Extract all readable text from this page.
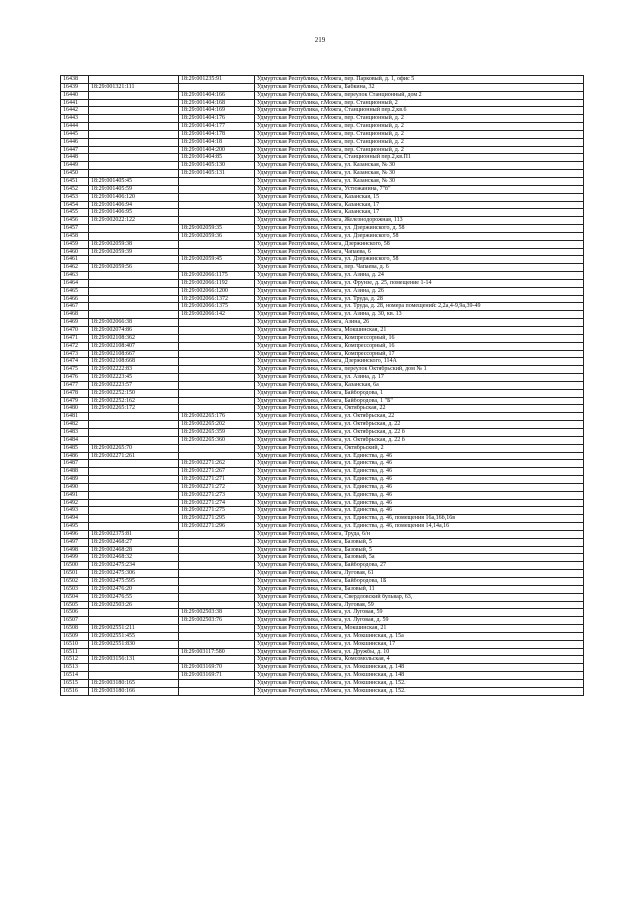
219
16438		18:29:001235:91	Удмуртская Республика, г.Можга, пер. Парковый, д. 1, офис 5
16439	18:29:001321:111		Удмуртская Республика, г.Можга, Бабкина, 32
16440		18:29:001404:166	Удмуртская Республика, г.Можга, переулок Станционный, дом 2
16441		18:29:001404:168	Удмуртская Республика, г.Можга, пер. Станционный, 2
16442		18:29:001404:169	Удмуртская Республика, г.Можга, Станционный пер.2,кв.6
16443		18:29:001404:176	Удмуртская Республика, г.Можга, пер. Станционный, д. 2
16444		18:29:001404:177	Удмуртская Республика, г.Можга, пер. Станционный, д. 2
16445		18:29:001404:178	Удмуртская Республика, г.Можга, пер. Станционный, д. 2
16446		18:29:001404:18	Удмуртская Республика, г.Можга, пер. Станционный, д. 2
16447		18:29:001404:200	Удмуртская Республика, г.Можга, пер. Станционный, д. 2
16448		18:29:001404:85	Удмуртская Республика, г.Можга, Станционный пер.2,кв.П1
16449		18:29:001405:130	Удмуртская Республика, г.Можга, ул. Казанская, № 30
16450		18:29:001405:131	Удмуртская Республика, г.Можга, ул. Казанская, № 30
16451	18:29:001405:45		Удмуртская Республика, г.Можга, ул. Казанская, № 30
16452	18:29:001405:59		Удмуртская Республика, г.Можга, Устюжанина, 7"б"
16453	18:29:001406:120		Удмуртская Республика, г.Можга, Казанская, 15
16454	18:29:001406:94		Удмуртская Республика, г.Можга, Казанская, 17
16455	18:29:001406:95		Удмуртская Республика, г.Можга, Казанская, 17
16456	18:29:002022:122		Удмуртская Республика, г.Можга, Железнодорожная, 113
16457		18:29:002059:35	Удмуртская Республика, г.Можга, ул. Дзержинского, д. 58
16458		18:29:002059:36	Удмуртская Республика, г.Можга, ул. Дзержинского, 58
16459	18:29:002059:38		Удмуртская Республика, г.Можга, Дзержинского, 58
16460	18:29:002059:39		Удмуртская Республика, г.Можга, Чапаева, 6
16461		18:29:002059:45	Удмуртская Республика, г.Можга, ул. Дзержинского, 58
16462	18:29:002059:56		Удмуртская Республика, г.Можга, пер. Чапаева, д. 6
16463		18:29:002066:1175	Удмуртская Республика, г.Можга, ул. Азина, д. 24
16464		18:29:002066:1192	Удмуртская Республика, г.Можга, ул. Фрунзе, д. 25, помещение 1-14
16465		18:29:002066:1200	Удмуртская Республика, г.Можга, ул. Азина, д. 26
16466		18:29:002066:1372	Удмуртская Республика, г.Можга, ул. Труда, д. 28
16467		18:29:002066:1375	Удмуртская Республика, г.Можга, ул. Труда, д. 28, номера помещений: 2,2а,4-9,9а,39-49
16468		18:29:002066:142	Удмуртская Республика, г.Можга, ул. Азина, д. 30, кв. 13
16469	18:29:002066:38		Удмуртская Республика, г.Можга, Азина, 26
16470	18:29:002074:86		Удмуртская Республика, г.Можга, Мокшинская, 21
16471	18:29:002108:362		Удмуртская Республика, г.Можга, Компрессорный, 16
16472	18:29:002108:407		Удмуртская Республика, г.Можга, Компрессорный, 16
16473	18:29:002108:667		Удмуртская Республика, г.Можга, Компрессорный, 17
16474	18:29:002108:668		Удмуртская Республика, г.Можга, Дзержинского, 114А
16475	18:29:002222:83		Удмуртская Республика, г.Можга, переулок Октябрьский, дом № 1
16476	18:29:002223:45		Удмуртская Республика, г.Можга, ул. Азина, д. 17
16477	18:29:002223:57		Удмуртская Республика, г.Можга, Казанская, 6а
16478	18:29:002252:150		Удмуртская Республика, г.Можга, Байбородова, 1
16479	18:29:002252:162		Удмуртская Республика, г.Можга, Байбородова, 1 "Б"
16480	18:29:002265:172		Удмуртская Республика, г.Можга, Октябрьская, 22
16481		18:29:002265:176	Удмуртская Республика, г.Можга, ул. Октябрьская, 22
16482		18:29:002265:202	Удмуртская Республика, г.Можга, ул. Октябрьская, д. 22
16483		18:29:002265:359	Удмуртская Республика, г.Можга, ул. Октябрьская, д. 22 б
16484		18:29:002265:360	Удмуртская Республика, г.Можга, ул. Октябрьская, д. 22 б
16485	18:29:002265:70		Удмуртская Республика, г.Можга, Октябрьский, 2
16486	18:29:002271:261		Удмуртская Республика, г.Можга, ул. Единства, д. 46
16487		18:29:002271:262	Удмуртская Республика, г.Можга, ул. Единства, д. 46
16488		18:29:002271:267	Удмуртская Республика, г.Можга, ул. Единства, д. 46
16489		18:29:002271:271	Удмуртская Республика, г.Можга, ул. Единства, д. 46
16490		18:29:002271:272	Удмуртская Республика, г.Можга, ул. Единства, д. 46
16491		18:29:002271:273	Удмуртская Республика, г.Можга, ул. Единства, д. 46
16492		18:29:002271:274	Удмуртская Республика, г.Можга, ул. Единства, д. 46
16493		18:29:002271:275	Удмуртская Республика, г.Можга, ул. Единства, д. 46
16494		18:29:002271:295	Удмуртская Республика, г.Можга, ул. Единства, д. 46, помещения 16а,16б,16в
16495		18:29:002271:296	Удмуртская Республика, г.Можга, ул. Единства, д. 46, помещения 14,14а,16
16496	18:29:002375:81		Удмуртская Республика, г.Можга, Труда, 6/н
16497	18:29:002468:27		Удмуртская Республика, г.Можга, Базовый, 5
16498	18:29:002468:28		Удмуртская Республика, г.Можга, Базовый, 5
16499	18:29:002468:32		Удмуртская Республика, г.Можга, Базовый, 5а
16500	18:29:002475:234		Удмуртская Республика, г.Можга, Байбородова, 27
16501	18:29:002475:306		Удмуртская Республика, г.Можга, Луговая, 61
16502	18:29:002475:595		Удмуртская Республика, г.Можга, Байбородова, 1Б
16503	18:29:002476:20		Удмуртская Республика, г.Можга, Базовый, 11
16504	18:29:002476:55		Удмуртская Республика, г.Можга, Свердловский бульвар, 63,
16505	18:29:002503:26		Удмуртская Республика, г.Можга, Луговая, 59
16506		18:29:002503:38	Удмуртская Республика, г.Можга, ул. Луговая, 59
16507		18:29:002503:76	Удмуртская Республика, г.Можга, ул. Луговая, д. 59
16508	18:29:002551:211		Удмуртская Республика, г.Можга, Мокшинская, 21
16509	18:29:002551:455		Удмуртская Республика, г.Можга, ул. Мокшинская, д. 15а
16510	18:29:002551:830		Удмуртская Республика, г.Можга, ул. Мокшинская, 17
16511		18:29:003117:580	Удмуртская Республика, г.Можга, ул. Дружбы, д. 10
16512	18:29:003156:131		Удмуртская Республика, г.Можга, Комсомольская, 4
16513		18:29:003169:70	Удмуртская Республика, г.Можга, ул. Мокшинская, д. 148
16514		18:29:003169:71	Удмуртская Республика, г.Можга, ул. Мокшинская, д. 148
16515	18:29:003180:165		Удмуртская Республика, г.Можга, ул. Мокшинская, д. 152.
16516	18:29:003180:166		Удмуртская Республика, г.Можга, ул. Мокшинская, д. 152.
